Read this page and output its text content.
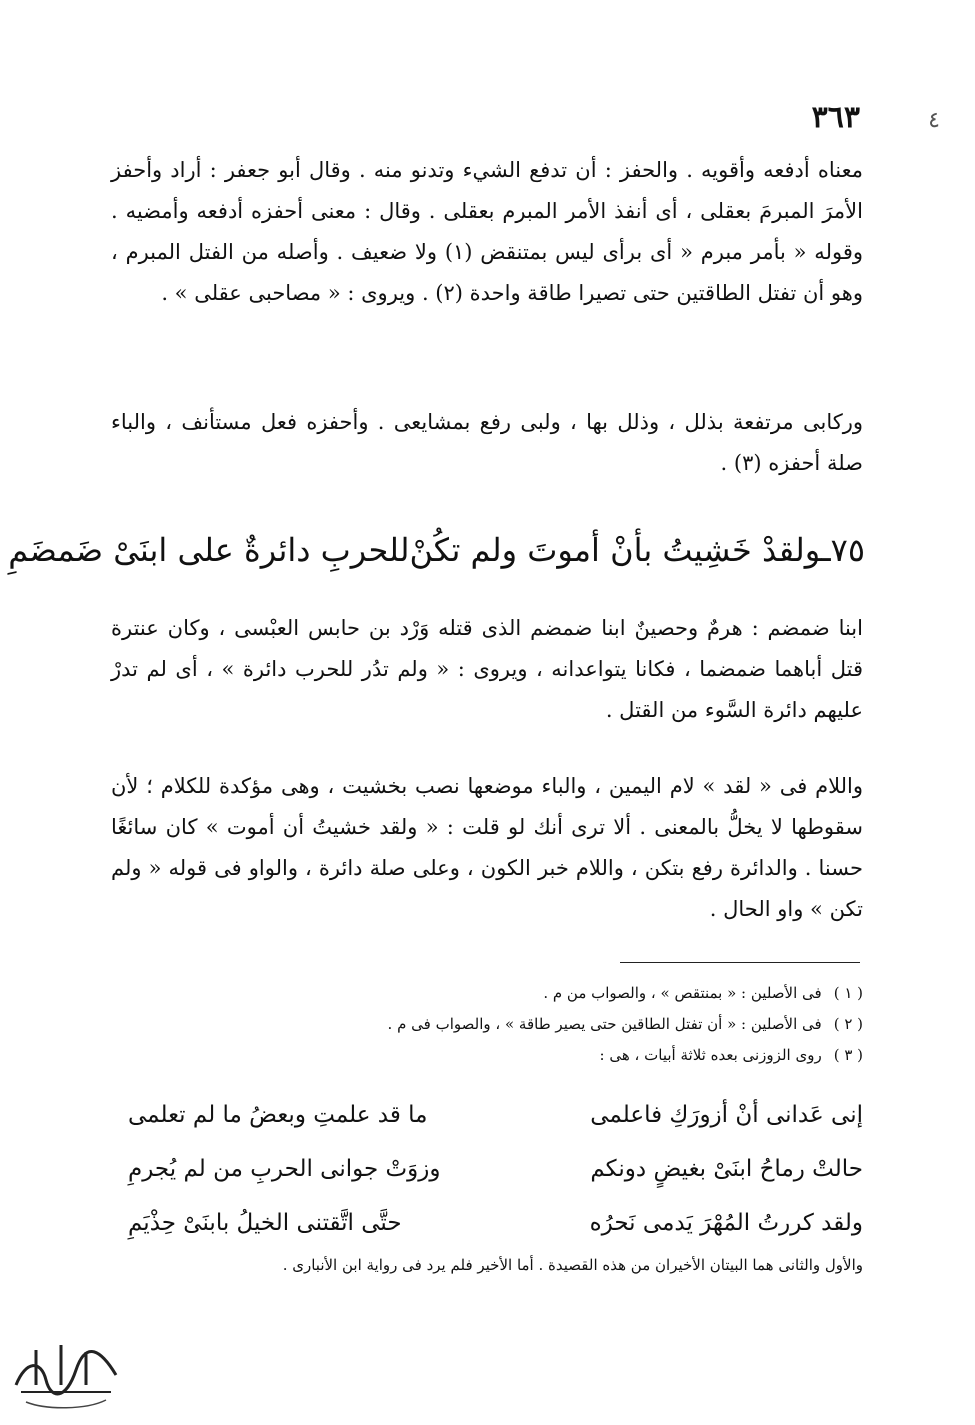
٣٦٣	٤

معناه أدفعه وأقويه . والحفز : أن تدفع الشيء وتدنو منه . وقال أبو جعفر : أراد وأحفز الأمرَ المبرمَ بعقلى ، أى أنفذ الأمر المبرم بعقلى . وقال : معنى أحفزه أدفعه وأمضيه . وقوله « بأمر مبرم « أى برأى ليس بمتنقض (١) ولا ضعيف . وأصله من الفتل المبرم ، وهو أن تفتل الطاقتين حتى تصيرا طاقة واحدة (٢) . ويروى : « مصاحبى عقلى » .

وركابى مرتفعة بذلل ، وذلل بها ، ولبى رفع بمشايعى . وأحفزه فعل مستأنف ، والباء صلة أحفزه (٣) .

٧٥ـولقدْ خَشِيتُ بأنْ أموتَ ولم تكُنْ
للحربِ دائرةٌ على ابنَىْ ضَمضَمِ

ابنا ضمضم : هرمٌ وحصينٌ ابنا ضمضم الذى قتله وَرْد بن حابس العبْسى ، وكان عنترة قتل أباهما ضمضما ، فكانا يتواعدانه ، ويروى : « ولم تدُر للحرب دائرة » ، أى لم تدرْ عليهم دائرة السَّوء من القتل .

واللام فى « لقد » لام اليمين ، والباء موضعها نصب بخشيت ، وهى مؤكدة للكلام ؛ لأن سقوطها لا يخلُّ بالمعنى . ألا ترى أنك لو قلت : « ولقد خشيتُ أن أموت » كان سائغًا حسنا . والدائرة رفع بتكن ، واللام خبر الكون ، وعلى صلة دائرة ، والواو فى قوله « ولم تكن » واو الحال .

( ١ )
فى الأصلين : « بمنتقص » ، والصواب من م .
( ٢ )
فى الأصلين : « أن تفتل الطاقين حتى يصير طاقة » ، والصواب فى م .
( ٣ )
روى الزوزنى بعده ثلاثة أبيات ، هى :
إنى عَدانى أنْ أزورَكِ فاعلمى
ما قد علمتِ وبعضُ ما لم تعلمى
حالتْ رماحُ ابنَىْ بغيضٍ دونكم
وزوَتْ جوانى الحربِ من لم يُجرمِ
ولقد كررتُ المُهْرَ يَدمى نَحرُه
حتَّى اتَّقتنى الخيلُ بابنَىْ حِذْيَمِ

والأول والثانى هما البيتان الأخيران من هذه القصيدة . أما الأخير فلم يرد فى رواية ابن الأنبارى .
